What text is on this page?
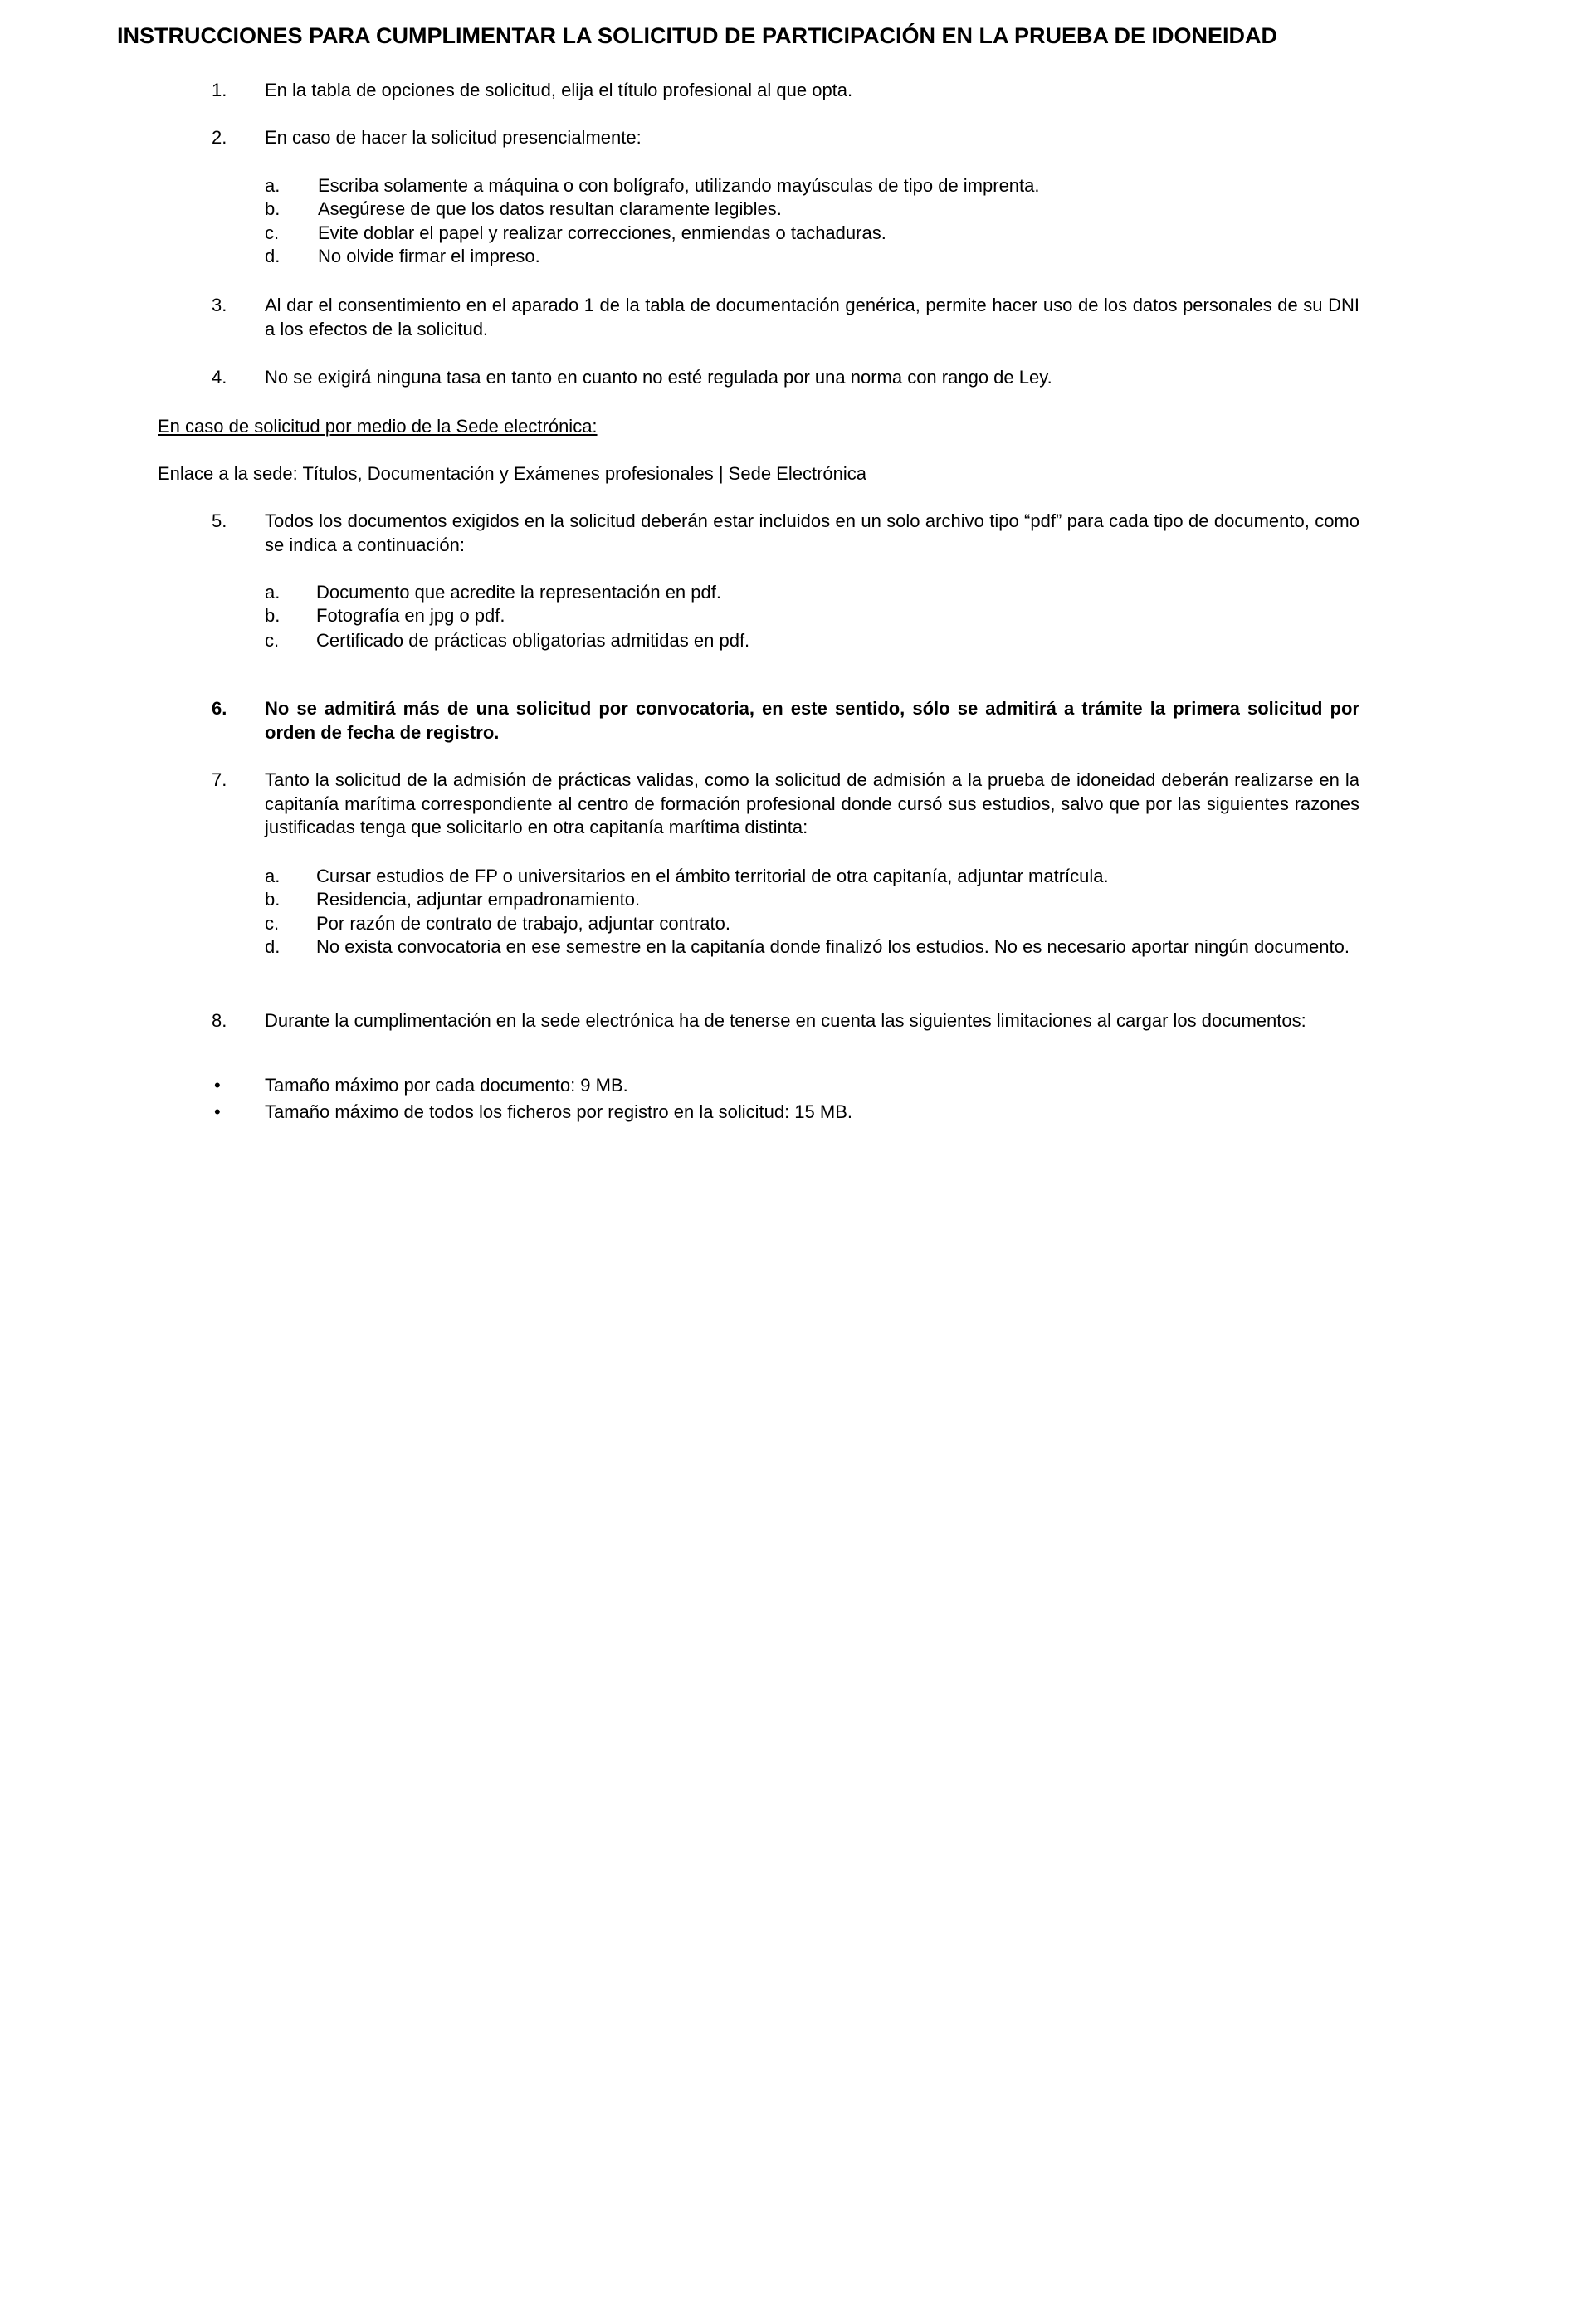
INSTRUCCIONES PARA CUMPLIMENTAR LA SOLICITUD DE PARTICIPACIÓN EN LA PRUEBA DE IDONEIDAD
1. En la tabla de opciones de solicitud, elija el título profesional al que opta.
2. En caso de hacer la solicitud presencialmente:
a. Escriba solamente a máquina o con bolígrafo, utilizando mayúsculas de tipo de imprenta.
b. Asegúrese de que los datos resultan claramente legibles.
c. Evite doblar el papel y realizar correcciones, enmiendas o tachaduras.
d. No olvide firmar el impreso.
3. Al dar el consentimiento en el aparado 1 de la tabla de documentación genérica, permite hacer uso de los datos personales de su DNI a los efectos de la solicitud.
4. No se exigirá ninguna tasa en tanto en cuanto no esté regulada por una norma con rango de Ley.
En caso de solicitud por medio de la Sede electrónica:
Enlace a la sede: Títulos, Documentación y Exámenes profesionales | Sede Electrónica
5. Todos los documentos exigidos en la solicitud deberán estar incluidos en un solo archivo tipo “pdf” para cada tipo de documento, como se indica a continuación:
a. Documento que acredite la representación en pdf.
b. Fotografía en jpg o pdf.
c. Certificado de prácticas obligatorias admitidas en pdf.
6. No se admitirá más de una solicitud por convocatoria, en este sentido, sólo se admitirá a trámite la primera solicitud por orden de fecha de registro.
7. Tanto la solicitud de la admisión de prácticas validas, como la solicitud de admisión a la prueba de idoneidad deberán realizarse en la capitanía marítima correspondiente al centro de formación profesional donde cursó sus estudios, salvo que por las siguientes razones justificadas tenga que solicitarlo en otra capitanía marítima distinta:
a. Cursar estudios de FP o universitarios en el ámbito territorial de otra capitanía, adjuntar matrícula.
b. Residencia, adjuntar empadronamiento.
c. Por razón de contrato de trabajo, adjuntar contrato.
d. No exista convocatoria en ese semestre en la capitanía donde finalizó los estudios. No es necesario aportar ningún documento.
8. Durante la cumplimentación en la sede electrónica ha de tenerse en cuenta las siguientes limitaciones al cargar los documentos:
• Tamaño máximo por cada documento: 9 MB.
• Tamaño máximo de todos los ficheros por registro en la solicitud: 15 MB.
